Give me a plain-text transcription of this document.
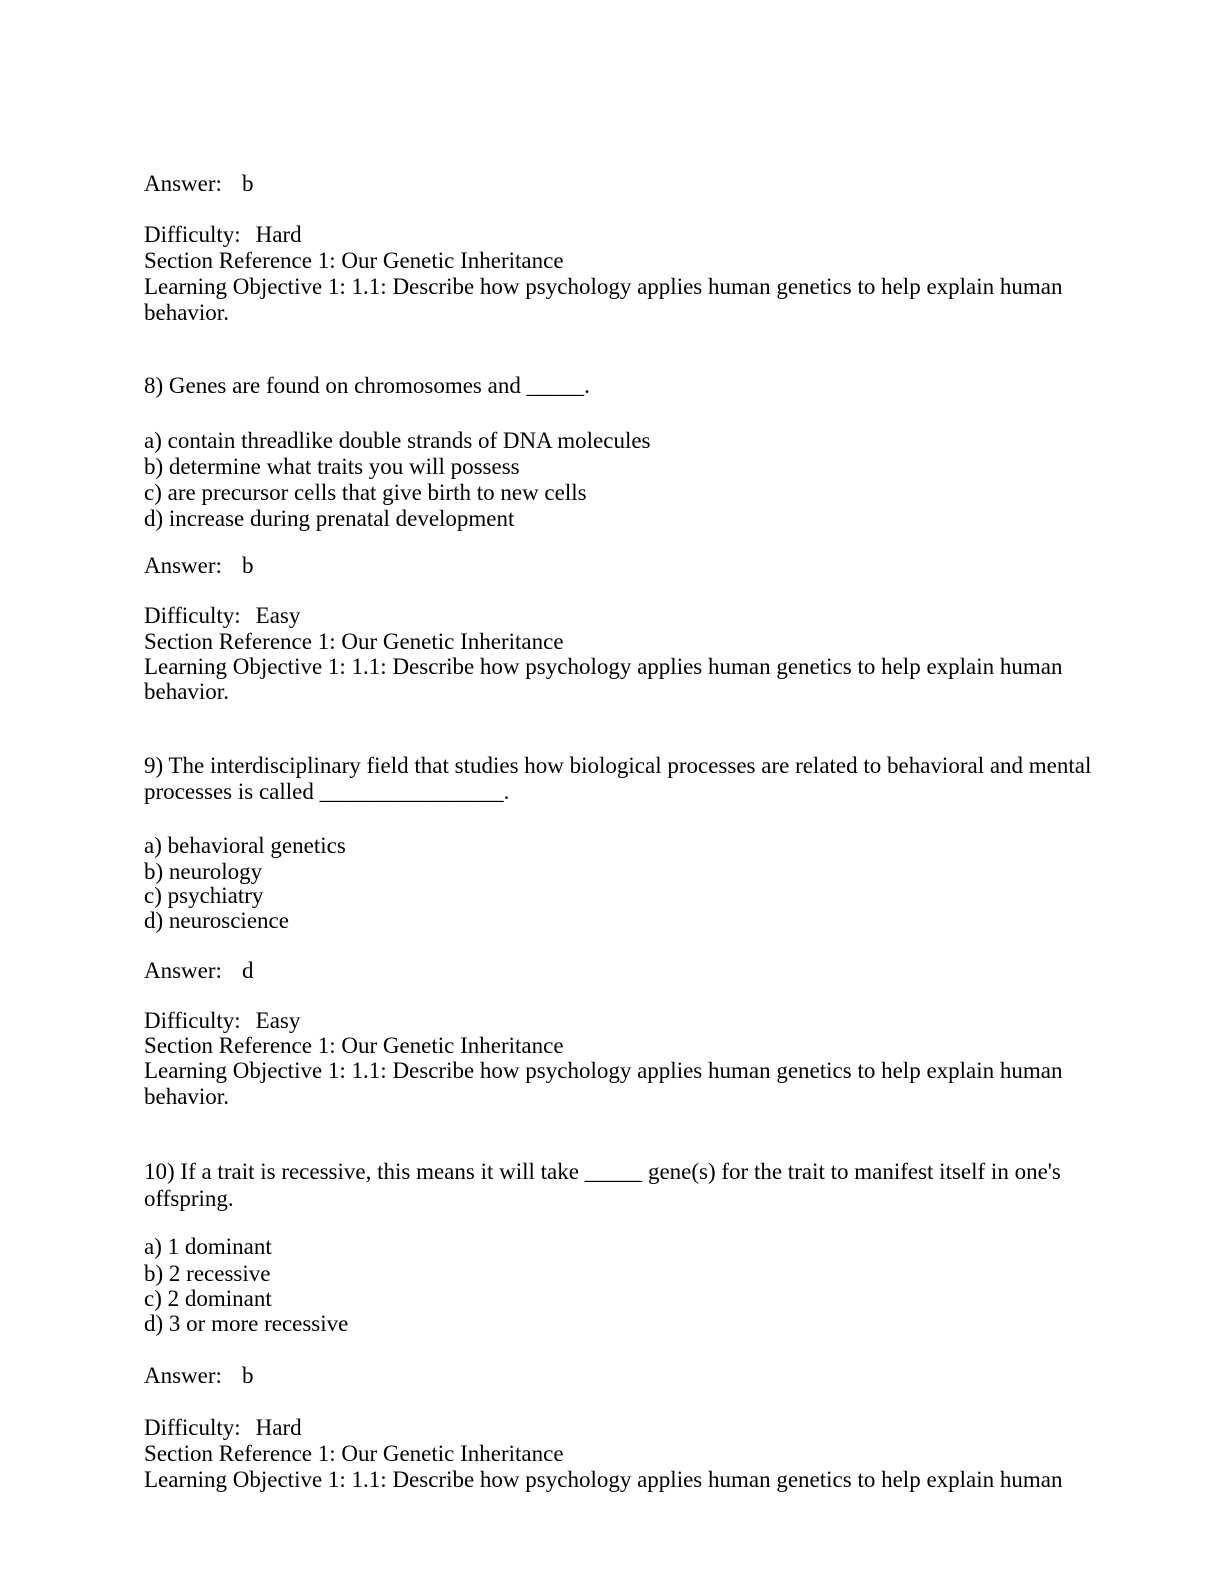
Answer: b
Difficulty: Hard
Section Reference 1: Our Genetic Inheritance
Learning Objective 1: 1.1: Describe how psychology applies human genetics to help explain human
behavior.
8) Genes are found on chromosomes and _____.
a) contain threadlike double strands of DNA molecules
b) determine what traits you will possess
c) are precursor cells that give birth to new cells
d) increase during prenatal development
Answer: b
Difficulty: Easy
Section Reference 1: Our Genetic Inheritance
Learning Objective 1: 1.1: Describe how psychology applies human genetics to help explain human
behavior.
9) The interdisciplinary field that studies how biological processes are related to behavioral and mental
processes is called ________________.
a) behavioral genetics
b) neurology
c) psychiatry
d) neuroscience
Answer: d
Difficulty: Easy
Section Reference 1: Our Genetic Inheritance
Learning Objective 1: 1.1: Describe how psychology applies human genetics to help explain human
behavior.
10) If a trait is recessive, this means it will take _____ gene(s) for the trait to manifest itself in one's
offspring.
a) 1 dominant
b) 2 recessive
c) 2 dominant
d) 3 or more recessive
Answer: b
Difficulty: Hard
Section Reference 1: Our Genetic Inheritance
Learning Objective 1: 1.1: Describe how psychology applies human genetics to help explain human
